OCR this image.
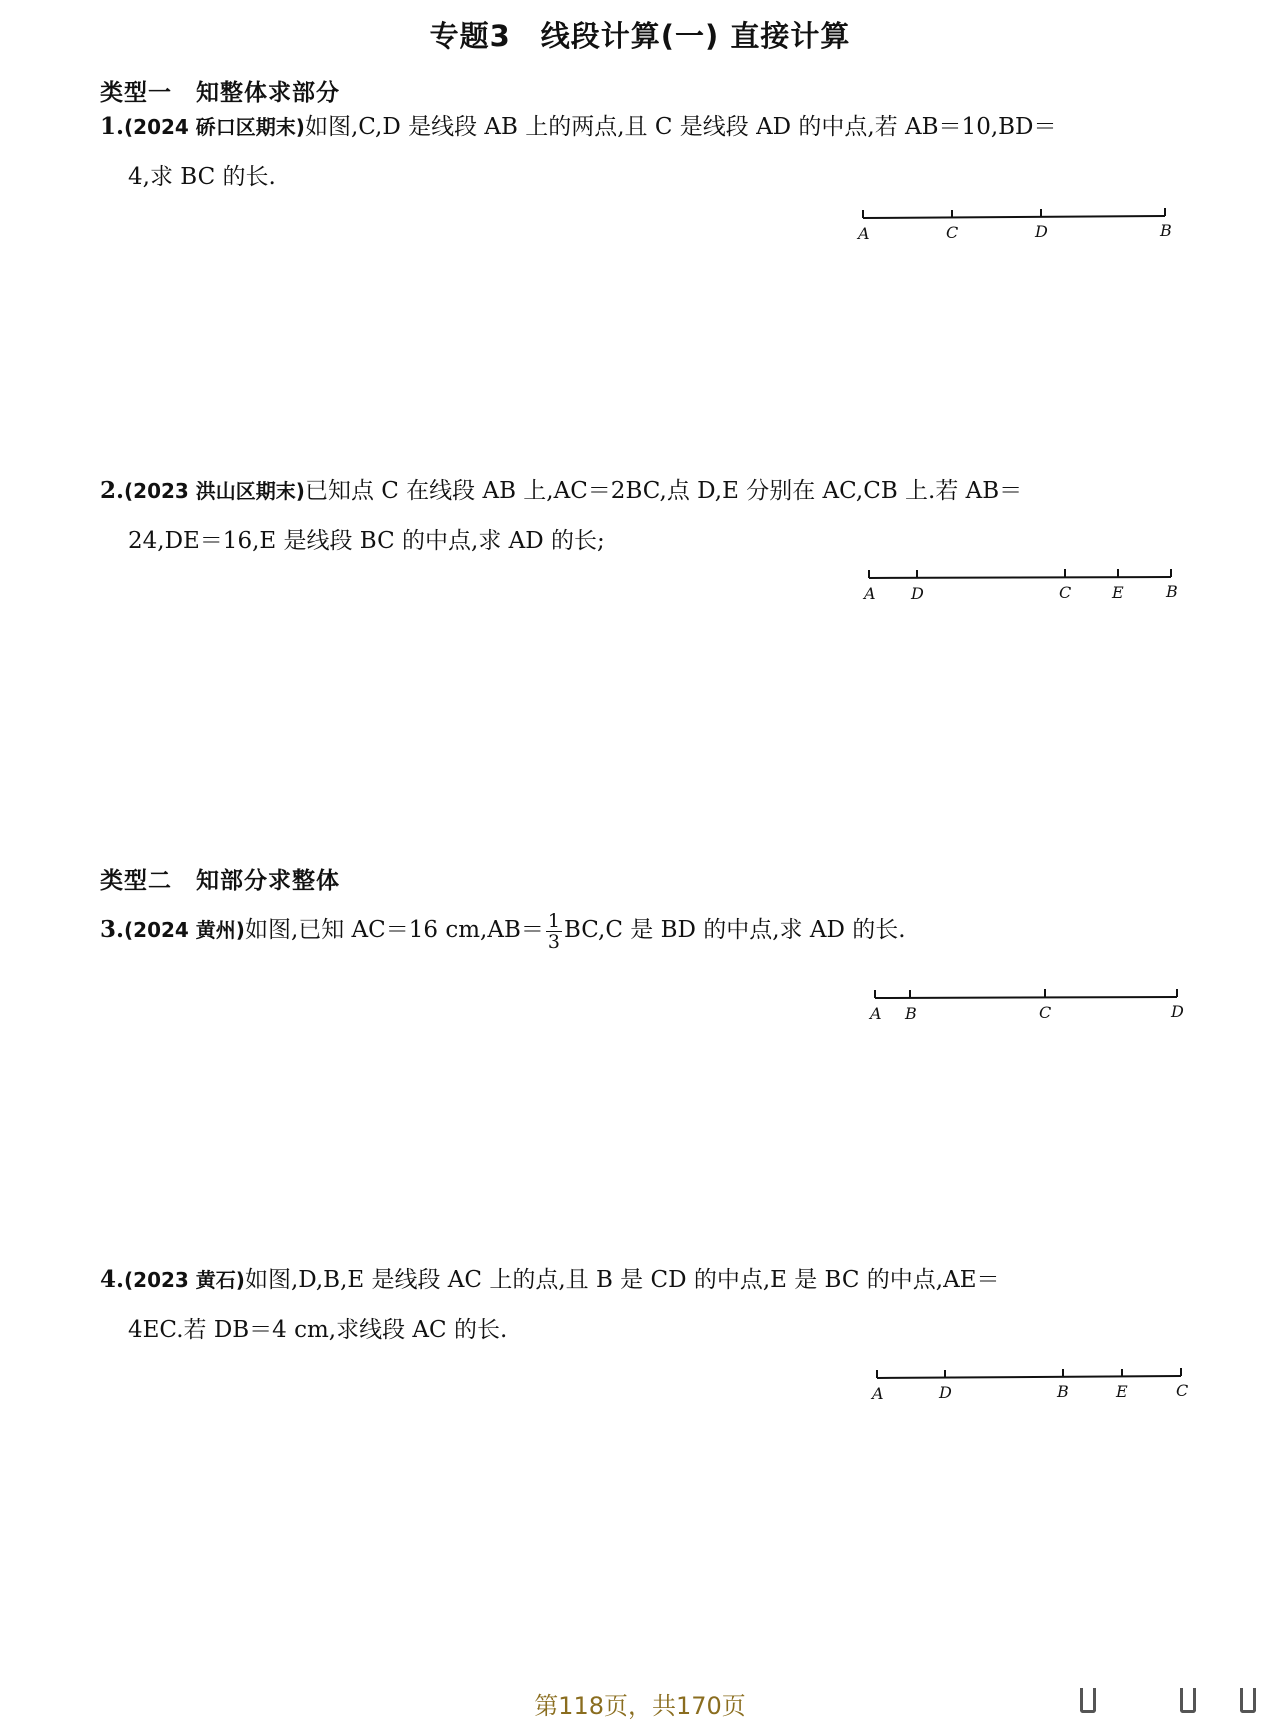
专题3　线段计算(一) 直接计算
类型一　知整体求部分
1.(2024 硚口区期末)如图,C,D 是线段 AB 上的两点,且 C 是线段 AD 的中点,若 AB＝10,BD＝
4,求 BC 的长.
A	C	D	B
2.(2023 洪山区期末)已知点 C 在线段 AB 上,AC＝2BC,点 D,E 分别在 AC,CB 上.若 AB＝
24,DE＝16,E 是线段 BC 的中点,求 AD 的长;
A D	C	E	B
类型二　知部分求整体
3.(2024 黄州)如图,已知 AC＝16 $cm,AB= \frac{1}{3} BC,C$ 是 BD 的中点,求 AD 的长.
A B	C	D
4.(2023 黄石)如图,D,B,E 是线段 AC 上的点,且 B 是 CD 的中点,E 是 BC 的中点,AE＝
4EC.若 DB＝4 cm,求线段 AC 的长.
A	D	B	E	C
第118页，共170页
